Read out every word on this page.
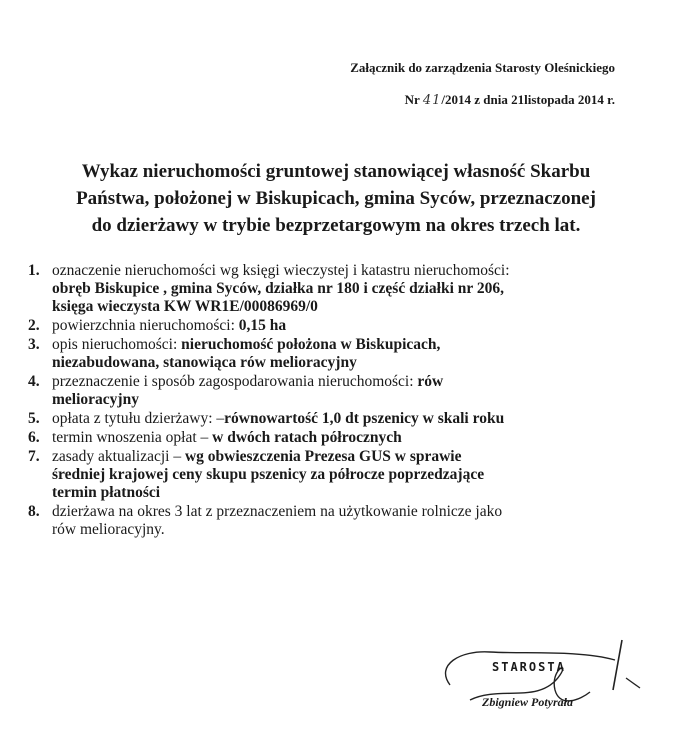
Załącznik do zarządzenia Starosty Oleśnickiego
Nr 41/2014 z dnia 21listopada 2014 r.
Wykaz nieruchomości gruntowej stanowiącej własność Skarbu
Państwa, położonej w Biskupicach, gmina Syców, przeznaczonej
do dzierżawy w trybie bezprzetargowym na okres trzech lat.
1. oznaczenie nieruchomości wg księgi wieczystej i katastru nieruchomości:
obręb Biskupice , gmina Syców, działka nr 180 i część działki nr 206,
księga wieczysta KW WR1E/00086969/0
2. powierzchnia nieruchomości: 0,15 ha
3. opis nieruchomości: nieruchomość położona w Biskupicach,
niezabudowana, stanowiąca rów melioracyjny
4. przeznaczenie i sposób zagospodarowania nieruchomości: rów
melioracyjny
5. opłata z tytułu dzierżawy: –równowartość 1,0 dt pszenicy w skali roku
6. termin wnoszenia opłat – w dwóch ratach półrocznych
7. zasady aktualizacji – wg obwieszczenia Prezesa GUS w sprawie
średniej krajowej ceny skupu pszenicy za półrocze poprzedzające
termin płatności
8. dzierżawa na okres 3 lat z przeznaczeniem na użytkowanie rolnicze jako
rów melioracyjny.
STAROSTA
Zbigniew Potyrała
